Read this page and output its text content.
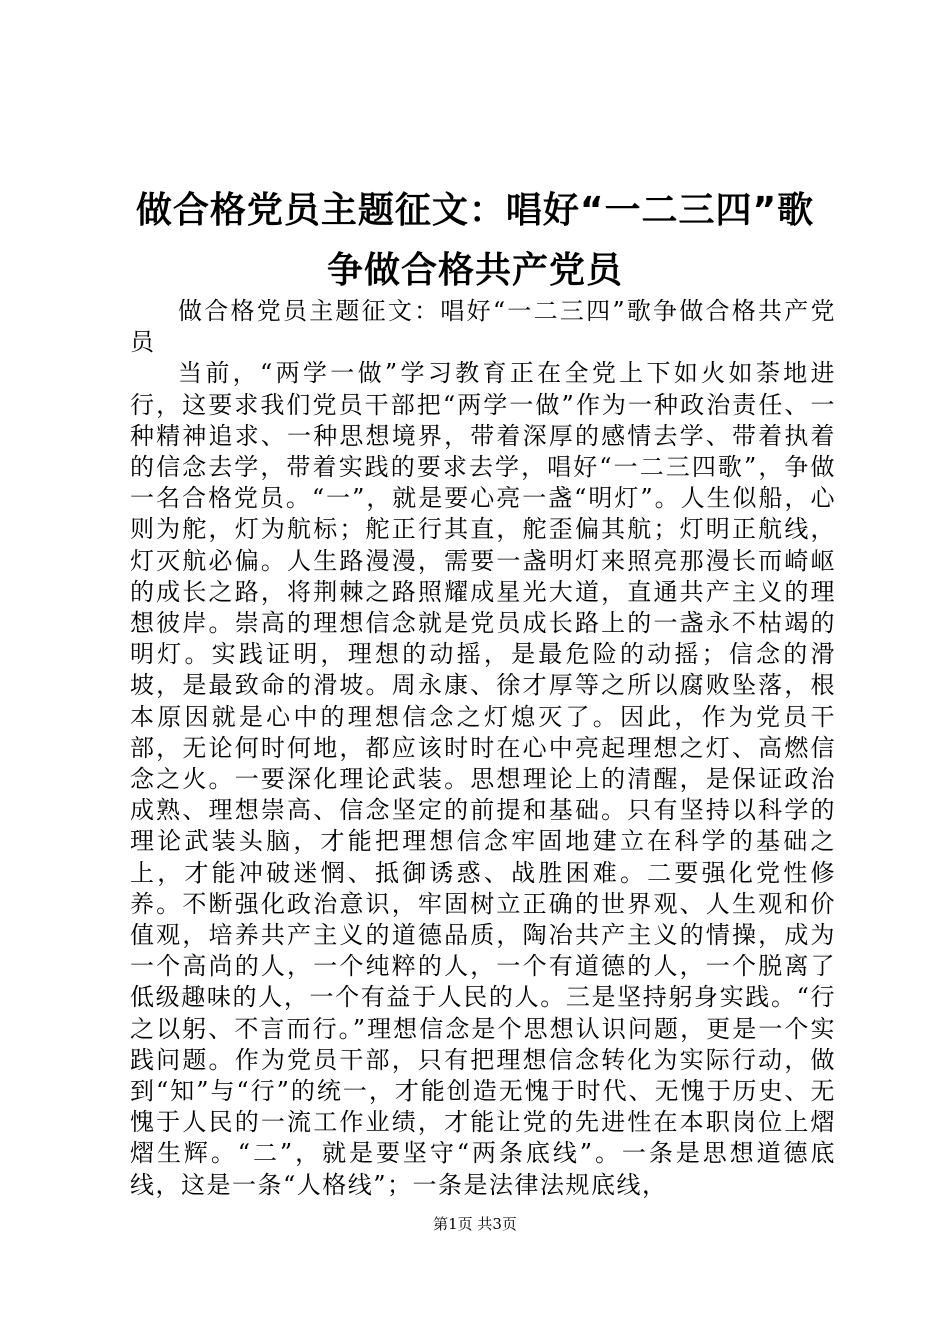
做合格党员主题征文：唱好“一二三四”歌
争做合格共产党员

做合格党员主题征文：唱好“一二三四”歌争做合格共产党员

当前，“两学一做”学习教育正在全党上下如火如荼地进行，这要求我们党员干部把“两学一做”作为一种政治责任、一种精神追求、一种思想境界，带着深厚的感情去学、带着执着的信念去学，带着实践的要求去学，唱好“一二三四歌”，争做一名合格党员。“一”，就是要心亮一盏“明灯”。人生似船，心则为舵，灯为航标；舵正行其直，舵歪偏其航；灯明正航线，灯灭航必偏。人生路漫漫，需要一盏明灯来照亮那漫长而崎岖的成长之路，将荆棘之路照耀成星光大道，直通共产主义的理想彼岸。崇高的理想信念就是党员成长路上的一盏永不枯竭的明灯。实践证明，理想的动摇，是最危险的动摇；信念的滑坡，是最致命的滑坡。周永康、徐才厚等之所以腐败坠落，根本原因就是心中的理想信念之灯熄灭了。因此，作为党员干部，无论何时何地，都应该时时在心中亮起理想之灯、高燃信念之火。一要深化理论武装。思想理论上的清醒，是保证政治成熟、理想崇高、信念坚定的前提和基础。只有坚持以科学的理论武装头脑，才能把理想信念牢固地建立在科学的基础之上，才能冲破迷惘、抵御诱惑、战胜困难。二要强化党性修养。不断强化政治意识，牢固树立正确的世界观、人生观和价值观，培养共产主义的道德品质，陶冶共产主义的情操，成为一个高尚的人，一个纯粹的人，一个有道德的人，一个脱离了低级趣味的人，一个有益于人民的人。三是坚持躬身实践。“行之以躬、不言而行。”理想信念是个思想认识问题，更是一个实践问题。作为党员干部，只有把理想信念转化为实际行动，做到“知”与“行”的统一，才能创造无愧于时代、无愧于历史、无愧于人民的一流工作业绩，才能让党的先进性在本职岗位上熠熠生辉。“二”，就是要坚守“两条底线”。一条是思想道德底线，这是一条“人格线”；一条是法律法规底线，

第1页 共3页
